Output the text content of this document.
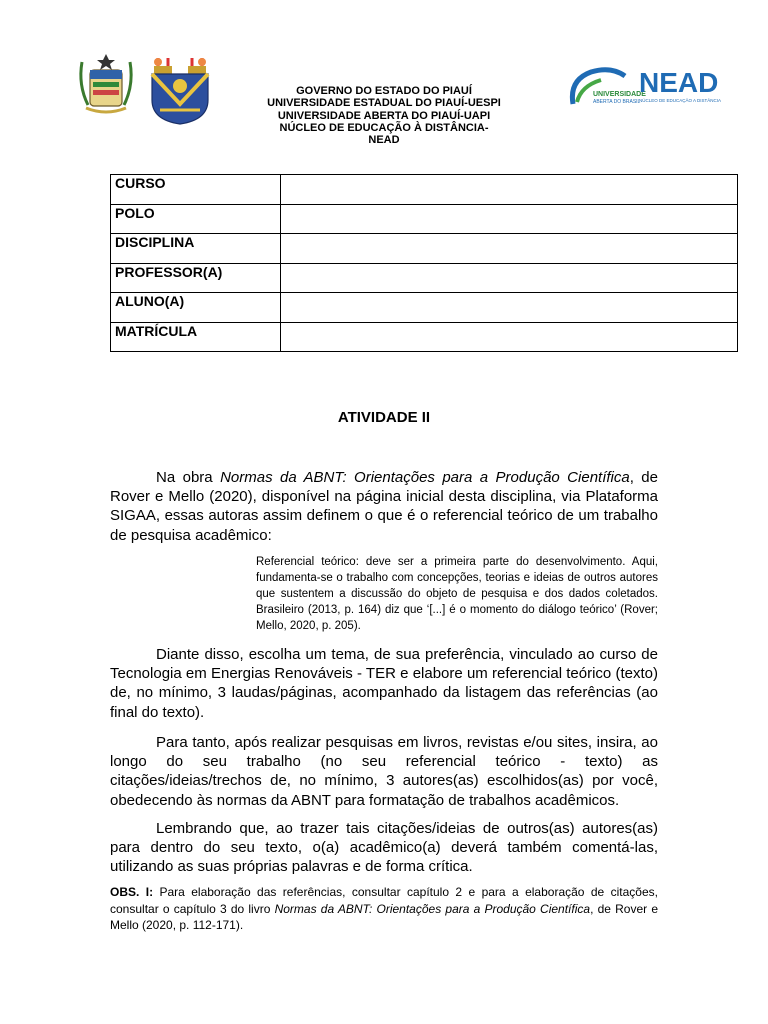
UNIVERSIDADE
ABERTA DO BRASIL
NEAD
NÚCLEO DE EDUCAÇÃO A DISTÂNCIA
GOVERNO DO ESTADO DO PIAUÍ
UNIVERSIDADE ESTADUAL DO PIAUÍ-UESPI
UNIVERSIDADE ABERTA DO PIAUÍ-UAPI
NÚCLEO DE EDUCAÇÃO À DISTÂNCIA-
NEAD
CURSO	
POLO	
DISCIPLINA	
PROFESSOR(A)	
ALUNO(A)	
MATRÍCULA	
ATIVIDADE II
Na obra Normas da ABNT: Orientações para a Produção Científica, de Rover e Mello (2020), disponível na página inicial desta disciplina, via Plataforma SIGAA, essas autoras assim definem o que é o referencial teórico de um trabalho de pesquisa acadêmico:
Referencial teórico: deve ser a primeira parte do desenvolvimento. Aqui, fundamenta-se o trabalho com concepções, teorias e ideias de outros autores que sustentem a discussão do objeto de pesquisa e dos dados coletados. Brasileiro (2013, p. 164) diz que ‘[...] é o momento do diálogo teórico’ (Rover; Mello, 2020, p. 205).
Diante disso, escolha um tema, de sua preferência, vinculado ao curso de Tecnologia em Energias Renováveis - TER e elabore um referencial teórico (texto) de, no mínimo, 3 laudas/páginas, acompanhado da listagem das referências (ao final do texto).
Para tanto, após realizar pesquisas em livros, revistas e/ou sites, insira, ao longo do seu trabalho (no seu referencial teórico - texto) as citações/ideias/trechos de, no mínimo, 3 autores(as) escolhidos(as) por você, obedecendo às normas da ABNT para formatação de trabalhos acadêmicos.
Lembrando que, ao trazer tais citações/ideias de outros(as) autores(as) para dentro do seu texto, o(a) acadêmico(a) deverá também comentá-las, utilizando as suas próprias palavras e de forma crítica.
OBS. I: Para elaboração das referências, consultar capítulo 2 e para a elaboração de citações, consultar o capítulo 3 do livro Normas da ABNT: Orientações para a Produção Científica, de Rover e Mello (2020, p. 112-171).
